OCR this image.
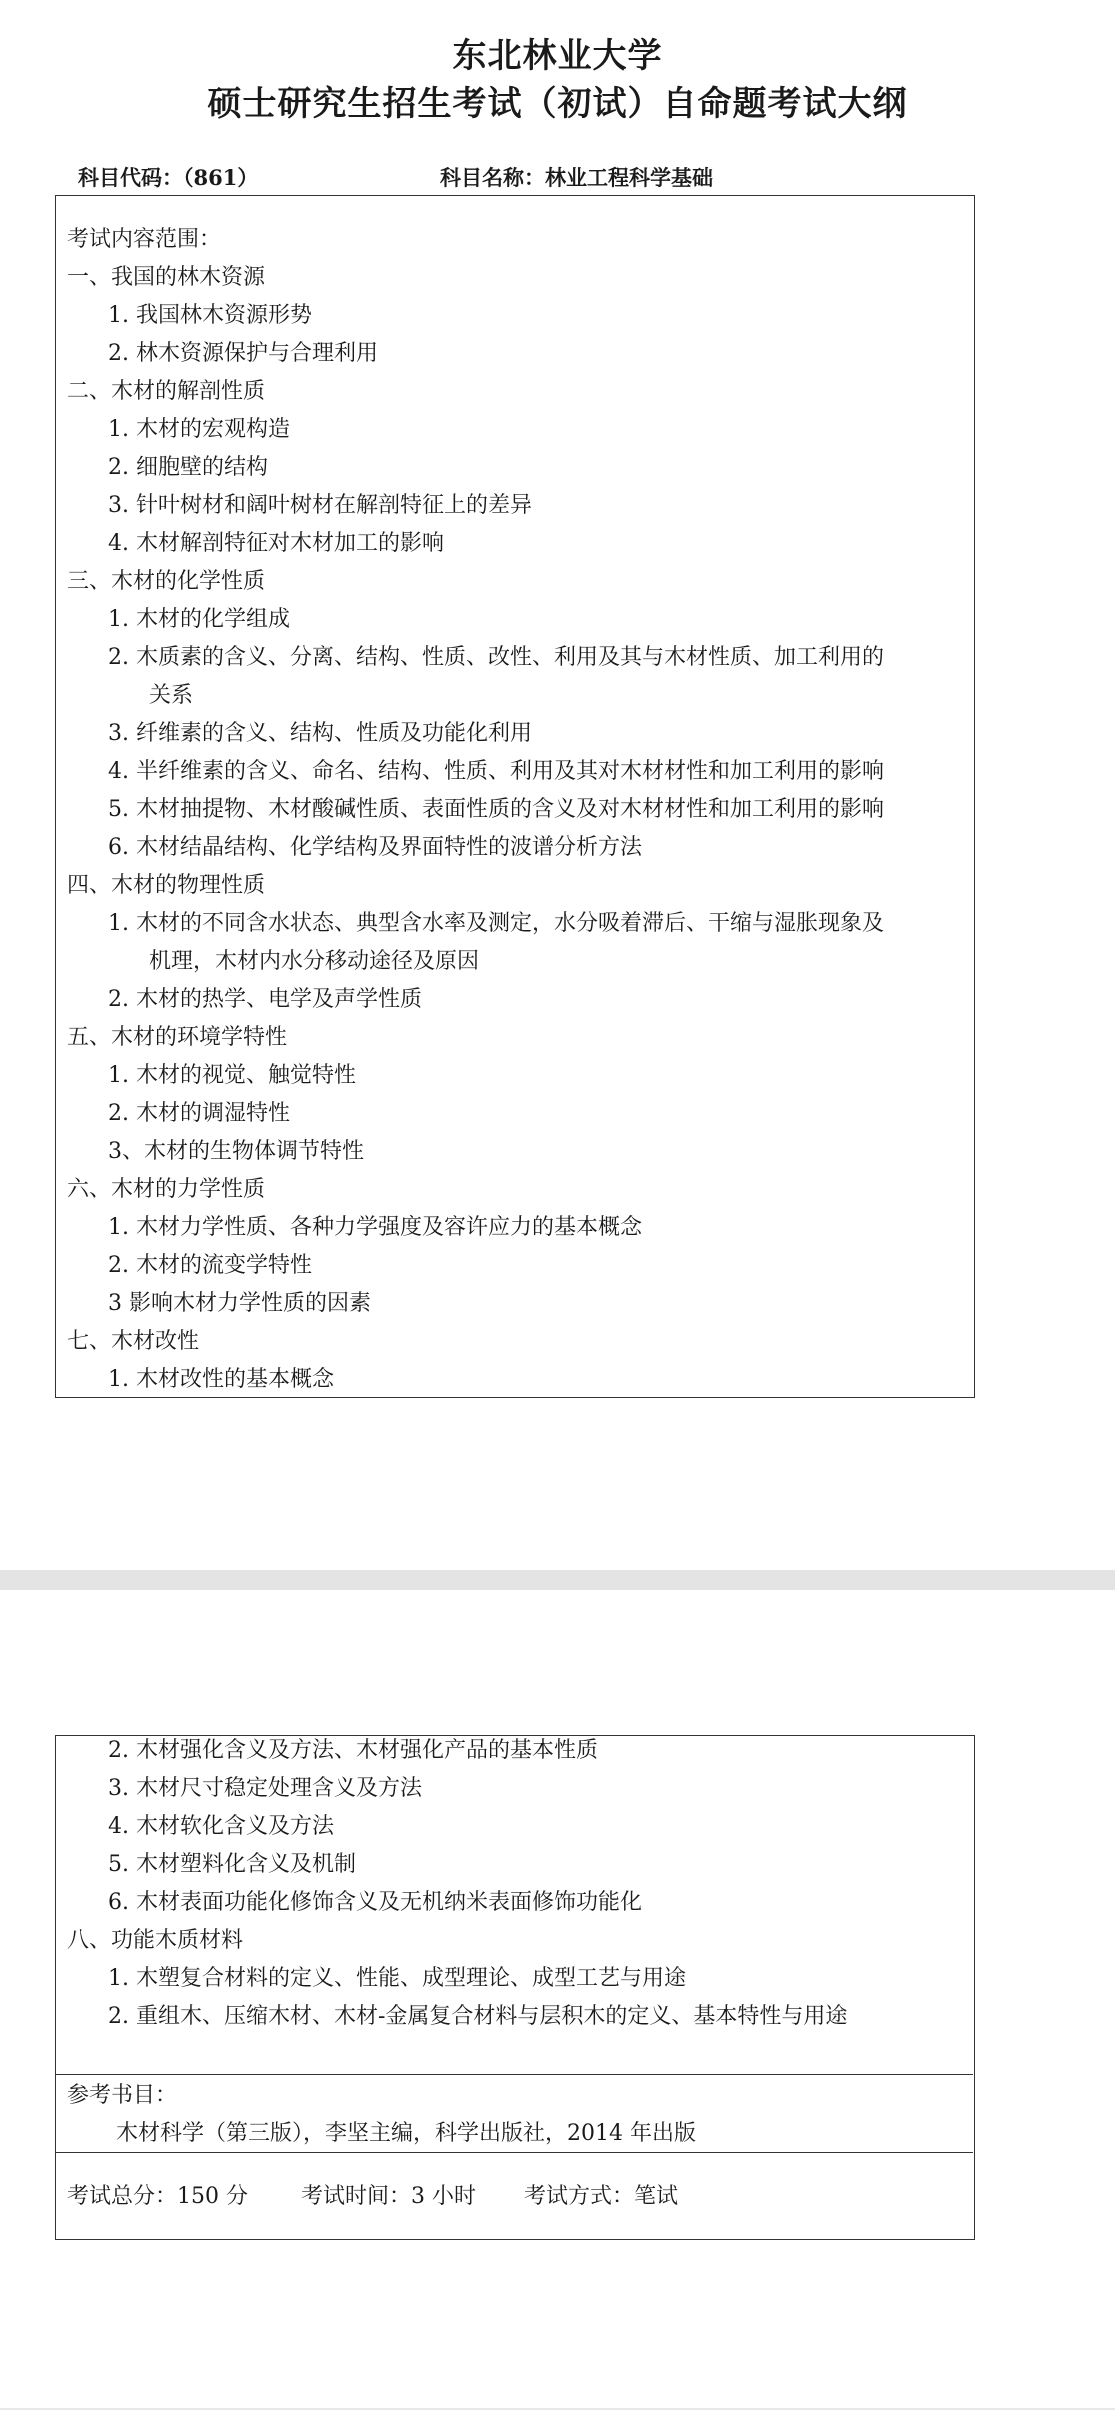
东北林业大学
硕士研究生招生考试（初试）自命题考试大纲
科目代码：（861）	科目名称：林业工程科学基础
考试内容范围：
一、我国的林木资源
1. 我国林木资源形势
2. 林木资源保护与合理利用
二、木材的解剖性质
1. 木材的宏观构造
2. 细胞壁的结构
3. 针叶树材和阔叶树材在解剖特征上的差异
4. 木材解剖特征对木材加工的影响
三、木材的化学性质
1. 木材的化学组成
2. 木质素的含义、分离、结构、性质、改性、利用及其与木材性质、加工利用的
关系
3. 纤维素的含义、结构、性质及功能化利用
4. 半纤维素的含义、命名、结构、性质、利用及其对木材材性和加工利用的影响
5. 木材抽提物、木材酸碱性质、表面性质的含义及对木材材性和加工利用的影响
6. 木材结晶结构、化学结构及界面特性的波谱分析方法
四、木材的物理性质
1. 木材的不同含水状态、典型含水率及测定，水分吸着滞后、干缩与湿胀现象及
机理，木材内水分移动途径及原因
2. 木材的热学、电学及声学性质
五、木材的环境学特性
1. 木材的视觉、触觉特性
2. 木材的调湿特性
3、木材的生物体调节特性
六、木材的力学性质
1. 木材力学性质、各种力学强度及容许应力的基本概念
2. 木材的流变学特性
3 影响木材力学性质的因素
七、木材改性
1. 木材改性的基本概念
2. 木材强化含义及方法、木材强化产品的基本性质
3. 木材尺寸稳定处理含义及方法
4. 木材软化含义及方法
5. 木材塑料化含义及机制
6. 木材表面功能化修饰含义及无机纳米表面修饰功能化
八、功能木质材料
1. 木塑复合材料的定义、性能、成型理论、成型工艺与用途
2. 重组木、压缩木材、木材-金属复合材料与层积木的定义、基本特性与用途
参考书目：
木材科学（第三版），李坚主编，科学出版社，2014 年出版
考试总分：150 分 考试时间：3 小时 考试方式：笔试
